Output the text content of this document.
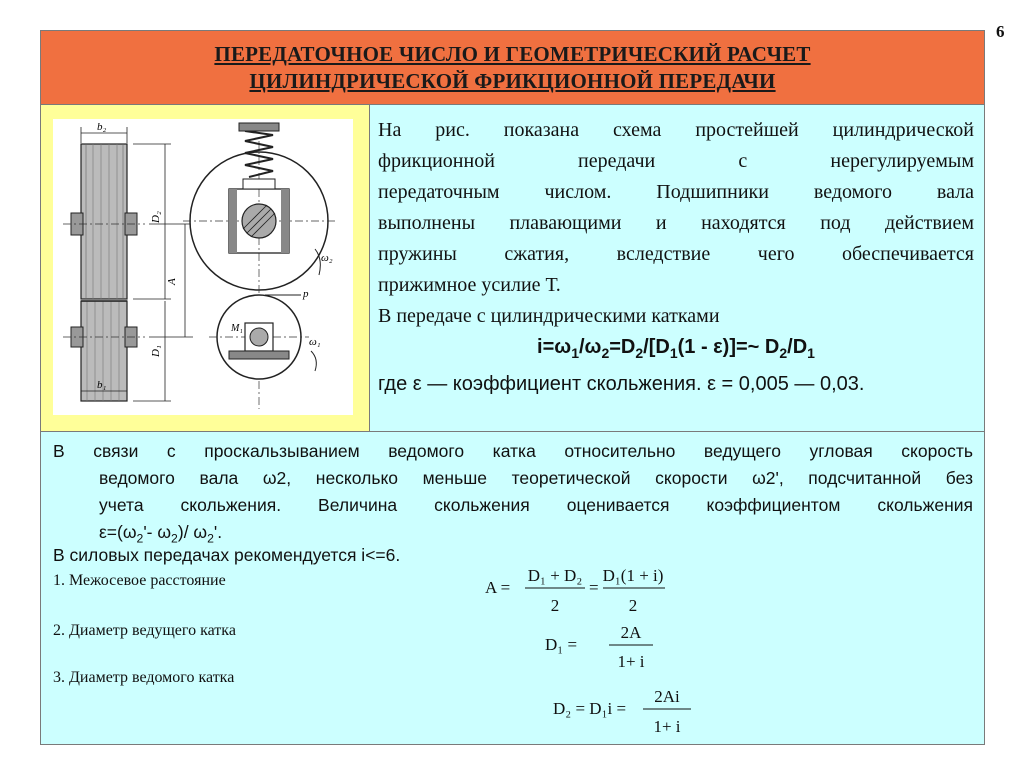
6
ПЕРЕДАТОЧНОЕ ЧИСЛО И ГЕОМЕТРИЧЕСКИЙ РАСЧЕТ
ЦИЛИНДРИЧЕСКОЙ ФРИКЦИОННОЙ ПЕРЕДАЧИ
b₂
b₁
D₂
D₁
A
ω₂
p
M₁
ω₁
На рис. показана схема простейшей цилиндрической
фрикционной передачи с нерегулируемым
передаточным числом. Подшипники ведомого вала
выполнены плавающими и находятся под действием
пружины сжатия, вследствие чего обеспечивается
прижимное усилие Т.
В передаче с цилиндрическими катками
$i=\omega_1/\omega_2=D_2/[D_1(1$ - ε)]=~ $D_2/D_1$
где ε — коэффициент скольжения. ε = 0,005 — 0,03.
В связи с проскальзыванием ведомого катка относительно ведущего угловая скорость
ведомого вала ω2, несколько меньше теоретической скорости ω2', подсчитанной без
учета скольжения. Величина скольжения оценивается коэффициентом скольжения
$\varepsilon=(\omega_2'-$ $\omega_2)/$ $\omega_2'$.
В силовых передачах рекомендуется i<=6.
1. Межосевое расстояние
2. Диаметр ведущего катка
3. Диаметр ведомого катка
A =
D₁ + D₂
2
=
D₁(1 + i)
2
D₁ =
2A
1+ i
D₂ = D₁i =
2Ai
1+ i
